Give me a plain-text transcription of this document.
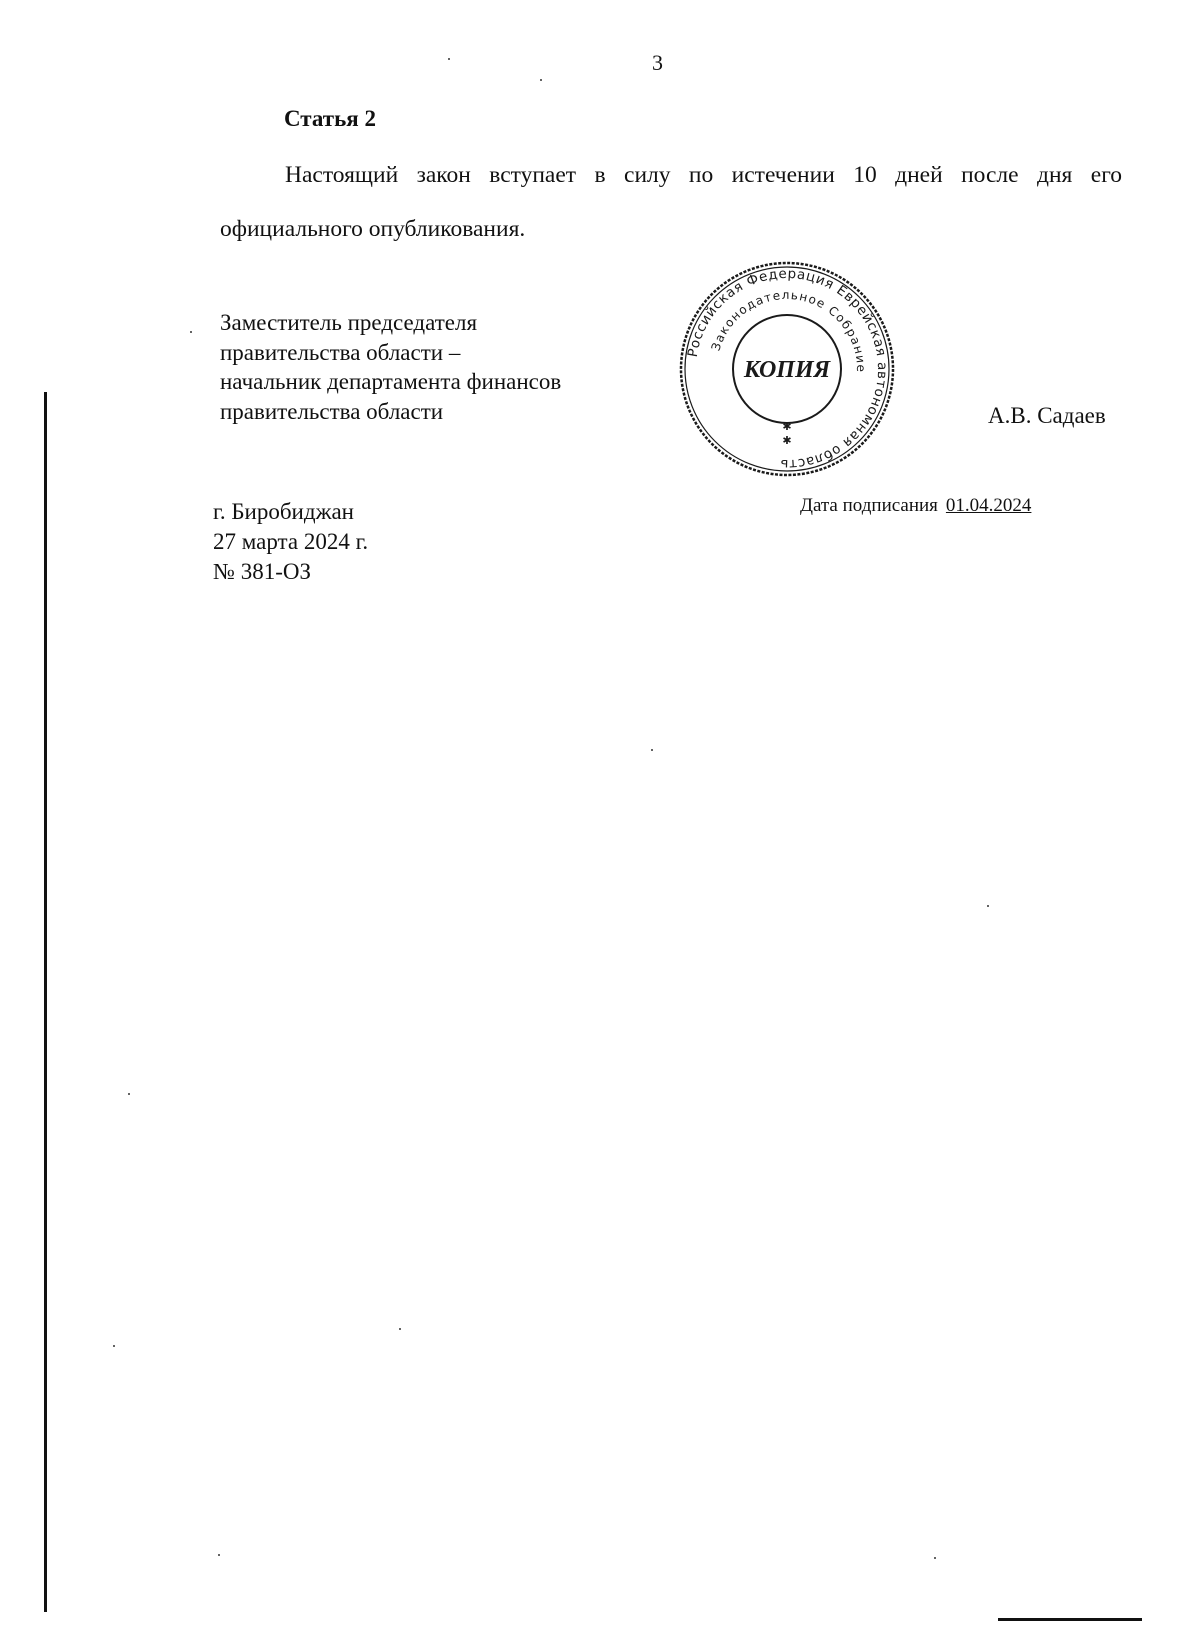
3
Статья 2
Настоящий закон вступает в силу по истечении 10 дней после дня его официального опубликования.
Заместитель председателя
правительства области –
начальник департамента финансов
правительства области
Российская Федерация Еврейская автономная область
Законодательное Собрание
КОПИЯ
✱
✱
А.В. Садаев
г. Биробиджан
27 марта 2024 г.
№ 381-ОЗ
Дата подписания 01.04.2024
